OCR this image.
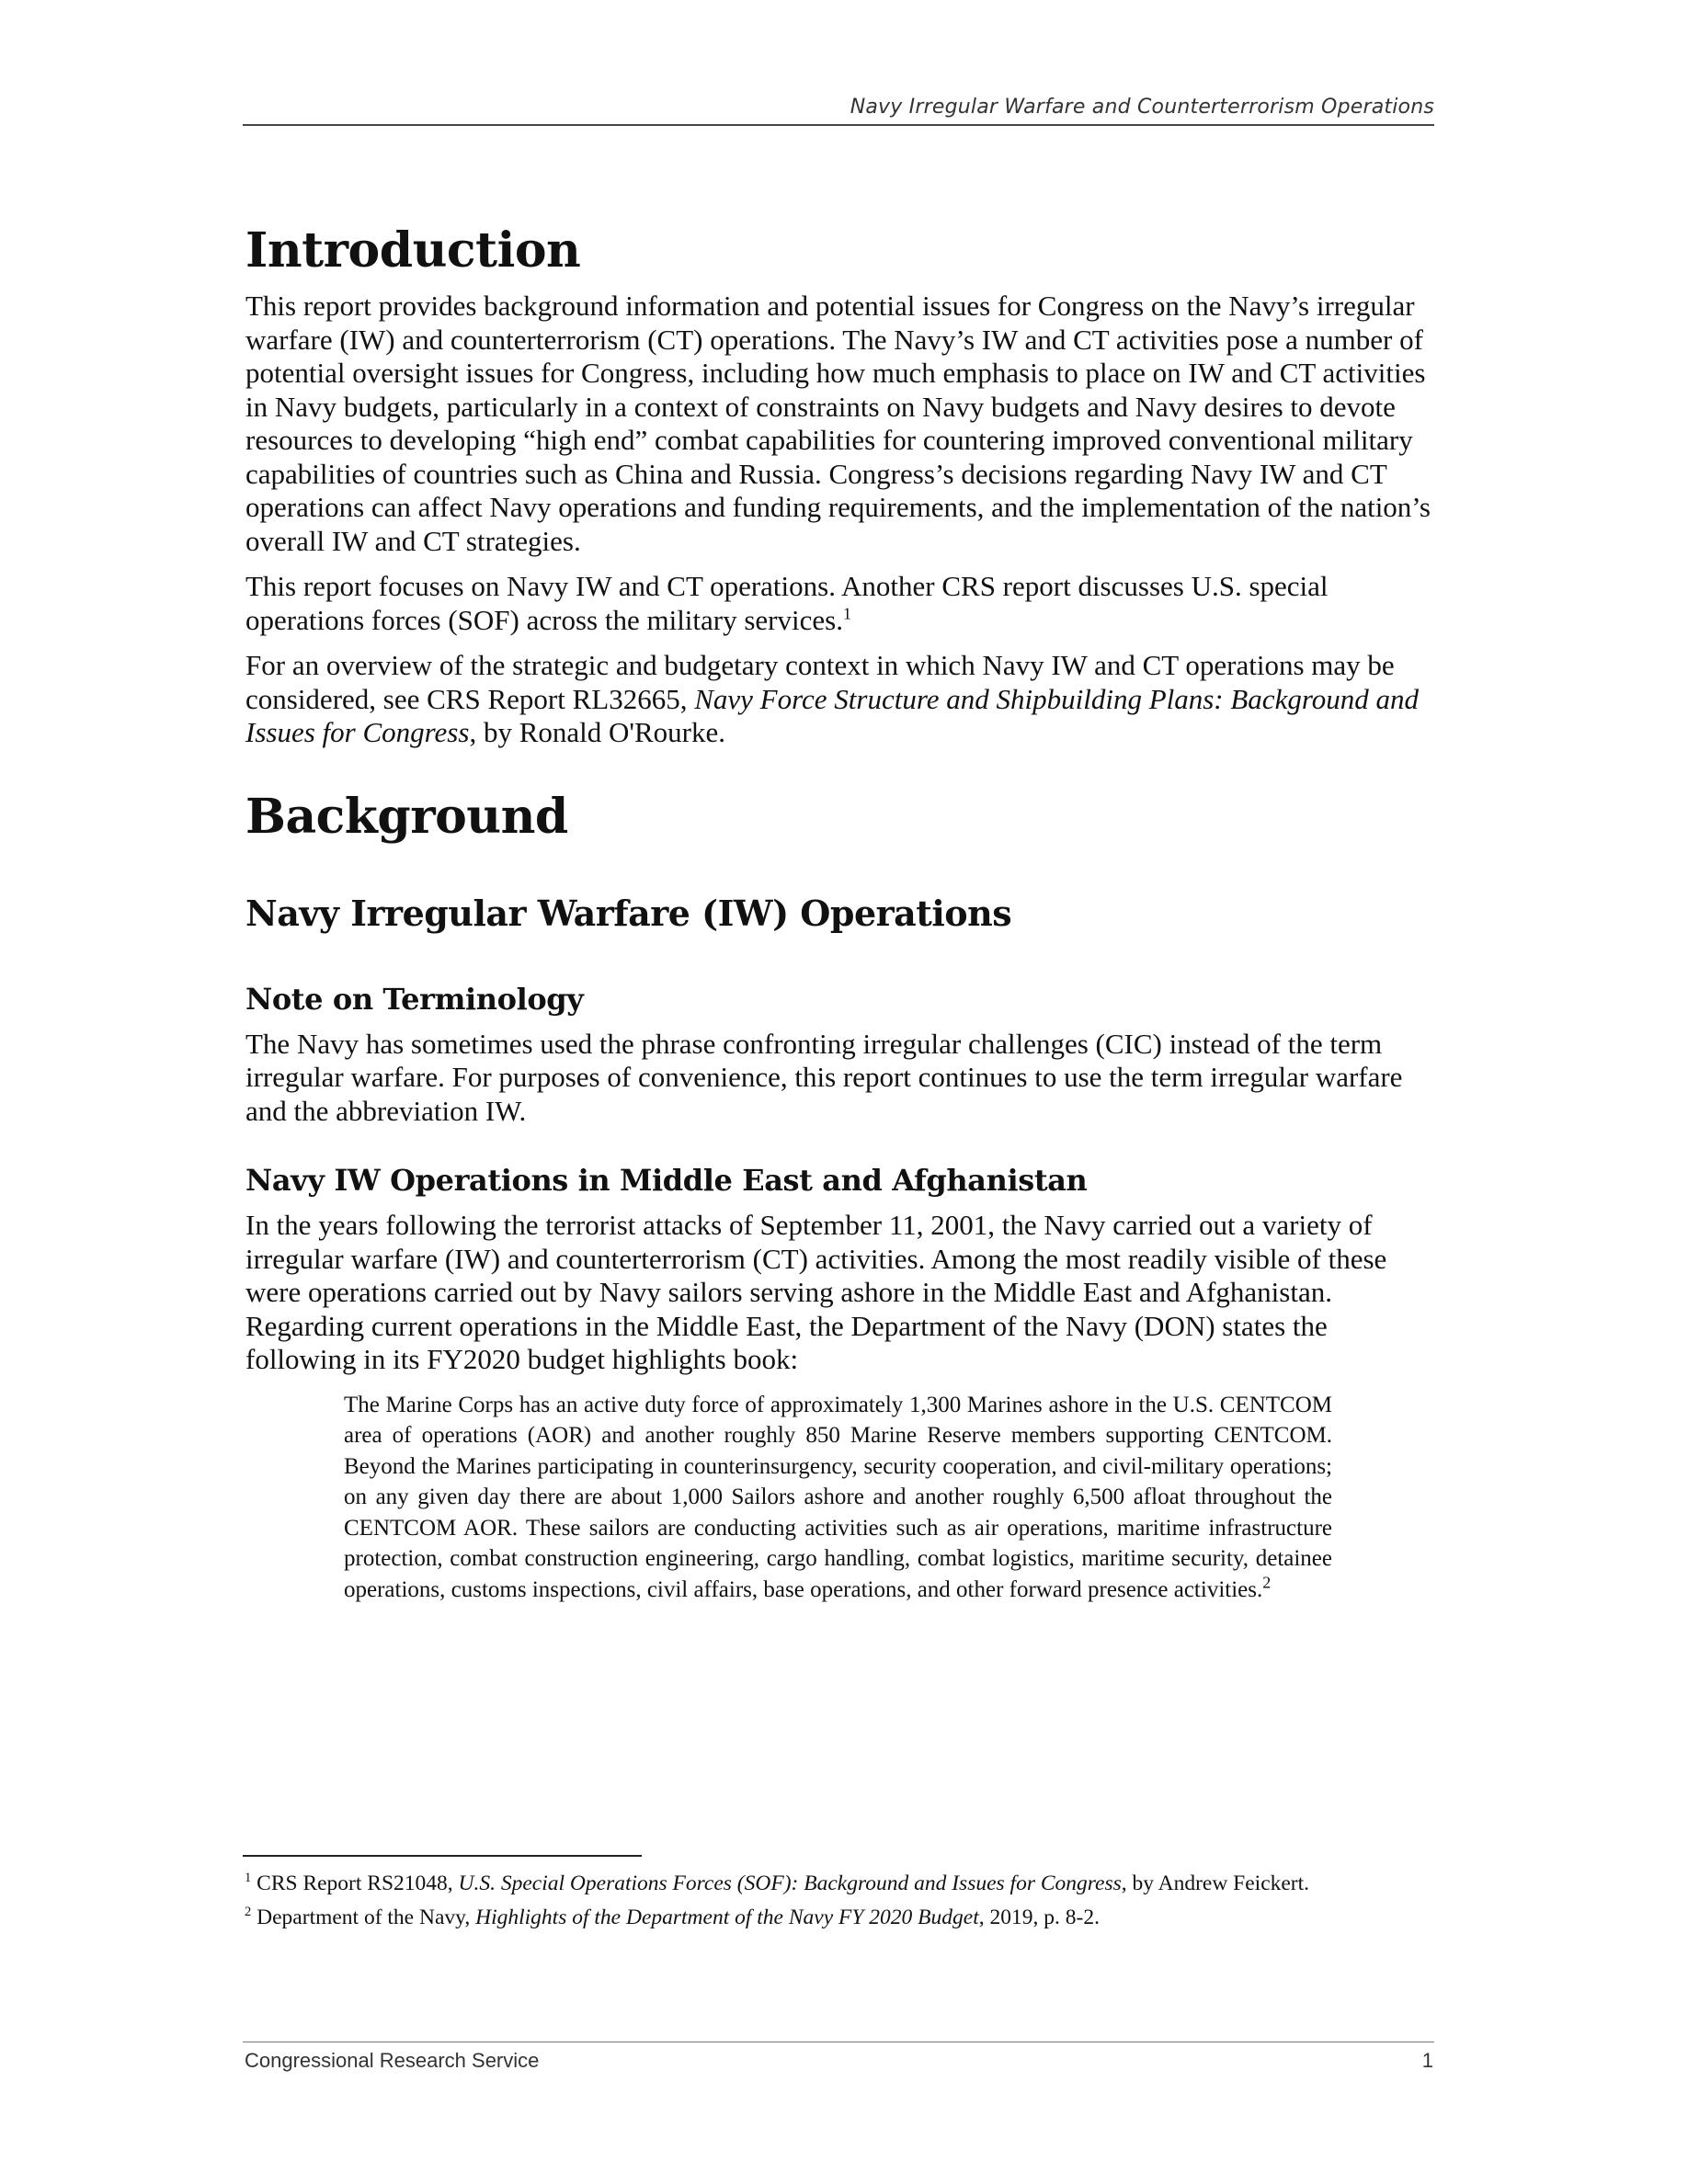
Navy Irregular Warfare and Counterterrorism Operations
Introduction

This report provides background information and potential issues for Congress on the Navy’s irregular warfare (IW) and counterterrorism (CT) operations. The Navy’s IW and CT activities pose a number of potential oversight issues for Congress, including how much emphasis to place on IW and CT activities in Navy budgets, particularly in a context of constraints on Navy budgets and Navy desires to devote resources to developing “high end” combat capabilities for countering improved conventional military capabilities of countries such as China and Russia. Congress’s decisions regarding Navy IW and CT operations can affect Navy operations and funding requirements, and the implementation of the nation’s overall IW and CT strategies.

This report focuses on Navy IW and CT operations. Another CRS report discusses U.S. special operations forces (SOF) across the military services.$^1$

For an overview of the strategic and budgetary context in which Navy IW and CT operations may be considered, see CRS Report RL32665, Navy Force Structure and Shipbuilding Plans: Background and Issues for Congress, by Ronald O'Rourke.

Background
Navy Irregular Warfare (IW) Operations
Note on Terminology

The Navy has sometimes used the phrase confronting irregular challenges (CIC) instead of the term irregular warfare. For purposes of convenience, this report continues to use the term irregular warfare and the abbreviation IW.

Navy IW Operations in Middle East and Afghanistan

In the years following the terrorist attacks of September 11, 2001, the Navy carried out a variety of irregular warfare (IW) and counterterrorism (CT) activities. Among the most readily visible of these were operations carried out by Navy sailors serving ashore in the Middle East and Afghanistan. Regarding current operations in the Middle East, the Department of the Navy (DON) states the following in its FY2020 budget highlights book:

The Marine Corps has an active duty force of approximately 1,300 Marines ashore in the U.S. CENTCOM area of operations (AOR) and another roughly 850 Marine Reserve members supporting CENTCOM. Beyond the Marines participating in counterinsurgency, security cooperation, and civil-military operations; on any given day there are about 1,000 Sailors ashore and another roughly 6,500 afloat throughout the CENTCOM AOR. These sailors are conducting activities such as air operations, maritime infrastructure protection, combat construction engineering, cargo handling, combat logistics, maritime security, detainee operations, customs inspections, civil affairs, base operations, and other forward presence activities.$^2$

$^1$ CRS Report RS21048, U.S. Special Operations Forces (SOF): Background and Issues for Congress, by Andrew Feickert.

$^2$ Department of the Navy, Highlights of the Department of the Navy FY 2020 Budget, 2019, p. 8-2.

Congressional Research Service	1
